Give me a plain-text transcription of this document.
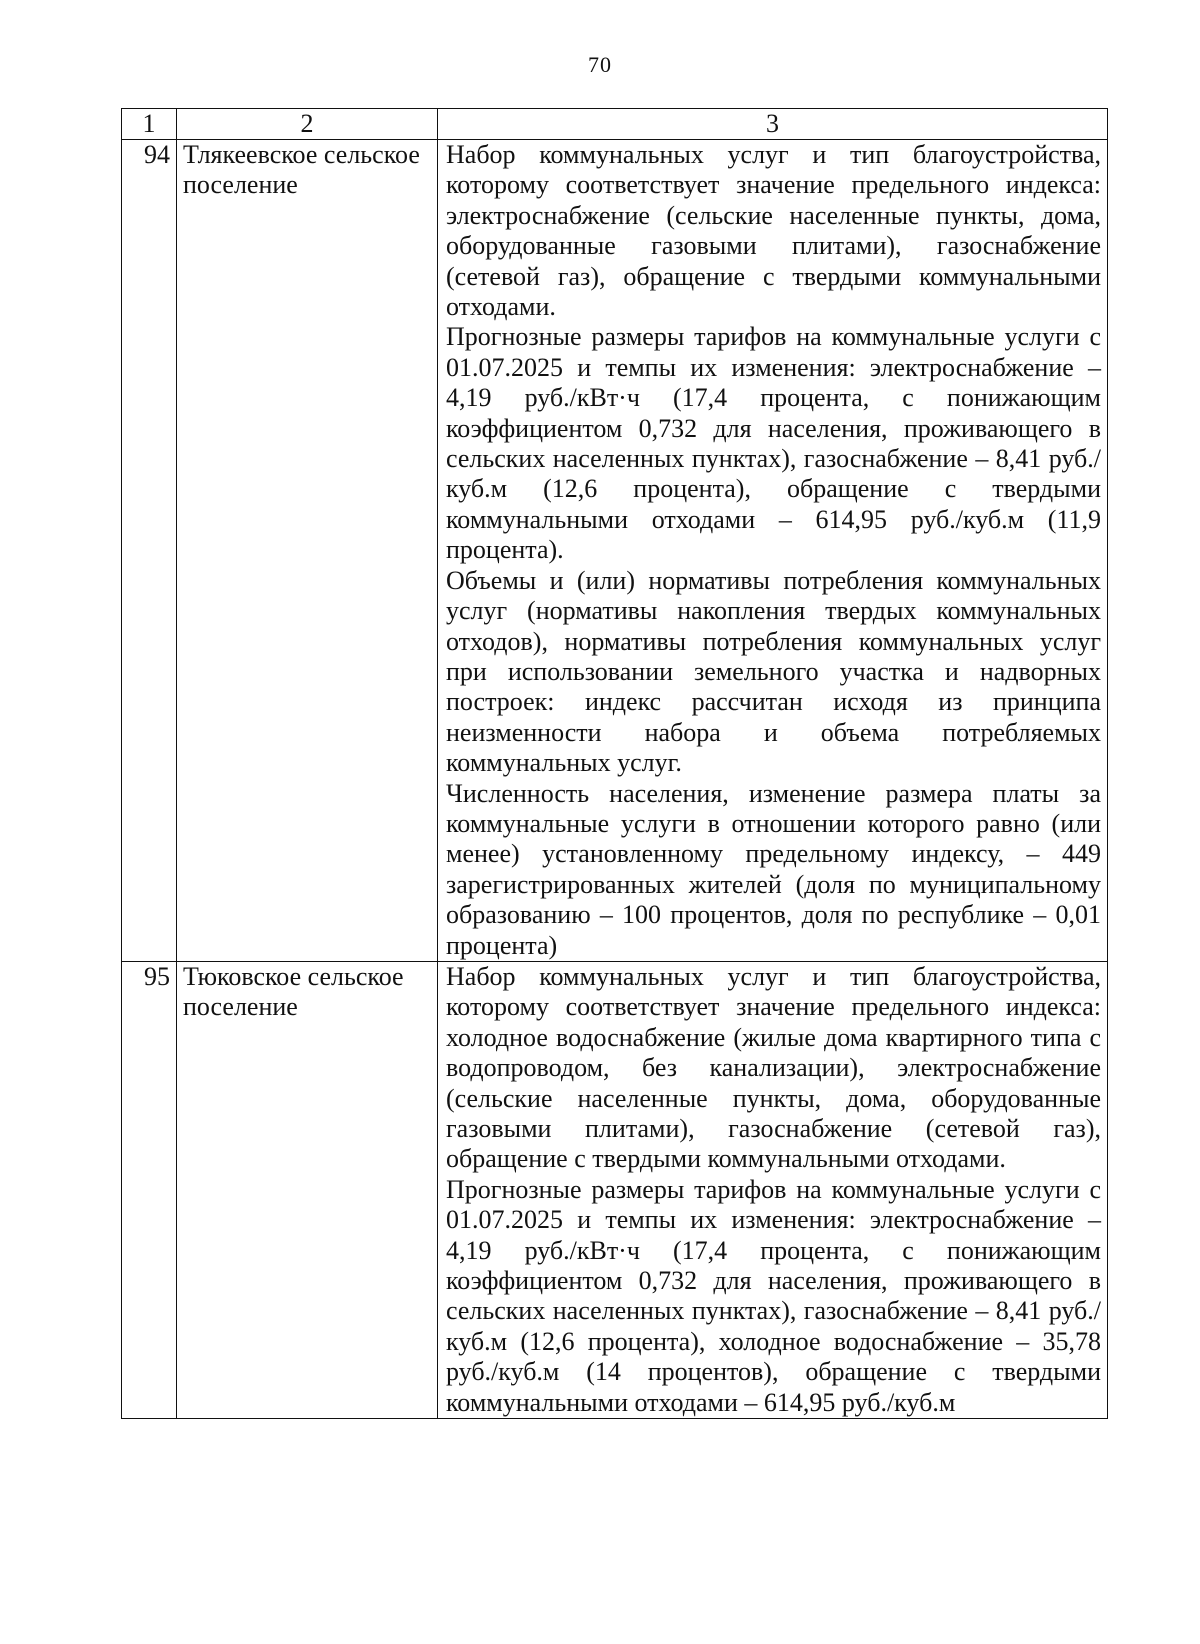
70
1	2	3
94	Тлякеевское сельское поселение	Набор коммунальных услуг и тип благоустройства, которому соответствует значение предельного индекса: электроснабжение (сельские населенные пункты, дома, оборудованные газовыми плитами), газоснабжение (сетевой газ), обращение с твердыми коммунальными отходами.

Прогнозные размеры тарифов на коммунальные услуги с 01.07.2025 и темпы их изменения: электроснабжение – 4,19 руб./кВт·ч (17,4 процента, с понижающим коэффициентом 0,732 для населения, проживающего в сельских населенных пунктах), газоснабжение – 8,41 руб./куб.м (12,6 процента), обращение с твердыми коммунальными отходами – 614,95 руб./куб.м (11,9 процента).

Объемы и (или) нормативы потребления коммунальных услуг (нормативы накопления твердых коммунальных отходов), нормативы потребления коммунальных услуг при использовании земельного участка и надворных построек: индекс рассчитан исходя из принципа неизменности набора и объема потребляемых коммунальных услуг.

Численность населения, изменение размера платы за коммунальные услуги в отношении которого равно (или менее) установленному предельному индексу, – 449 зарегистрированных жителей (доля по муниципальному образованию – 100 процентов, доля по республике – 0,01 процента)

95	Тюковское сельское поселение	Набор коммунальных услуг и тип благоустройства, которому соответствует значение предельного индекса: холодное водоснабжение (жилые дома квартирного типа с водопроводом, без канализации), электроснабжение (сельские населенные пункты, дома, оборудованные газовыми плитами), газоснабжение (сетевой газ), обращение с твердыми коммунальными отходами.

Прогнозные размеры тарифов на коммунальные услуги с 01.07.2025 и темпы их изменения: электроснабжение – 4,19 руб./кВт·ч (17,4 процента, с понижающим коэффициентом 0,732 для населения, проживающего в сельских населенных пунктах), газоснабжение – 8,41 руб./куб.м (12,6 процента), холодное водоснабжение – 35,78 руб./куб.м (14 процентов), обращение с твердыми коммунальными отходами – 614,95 руб./куб.м
